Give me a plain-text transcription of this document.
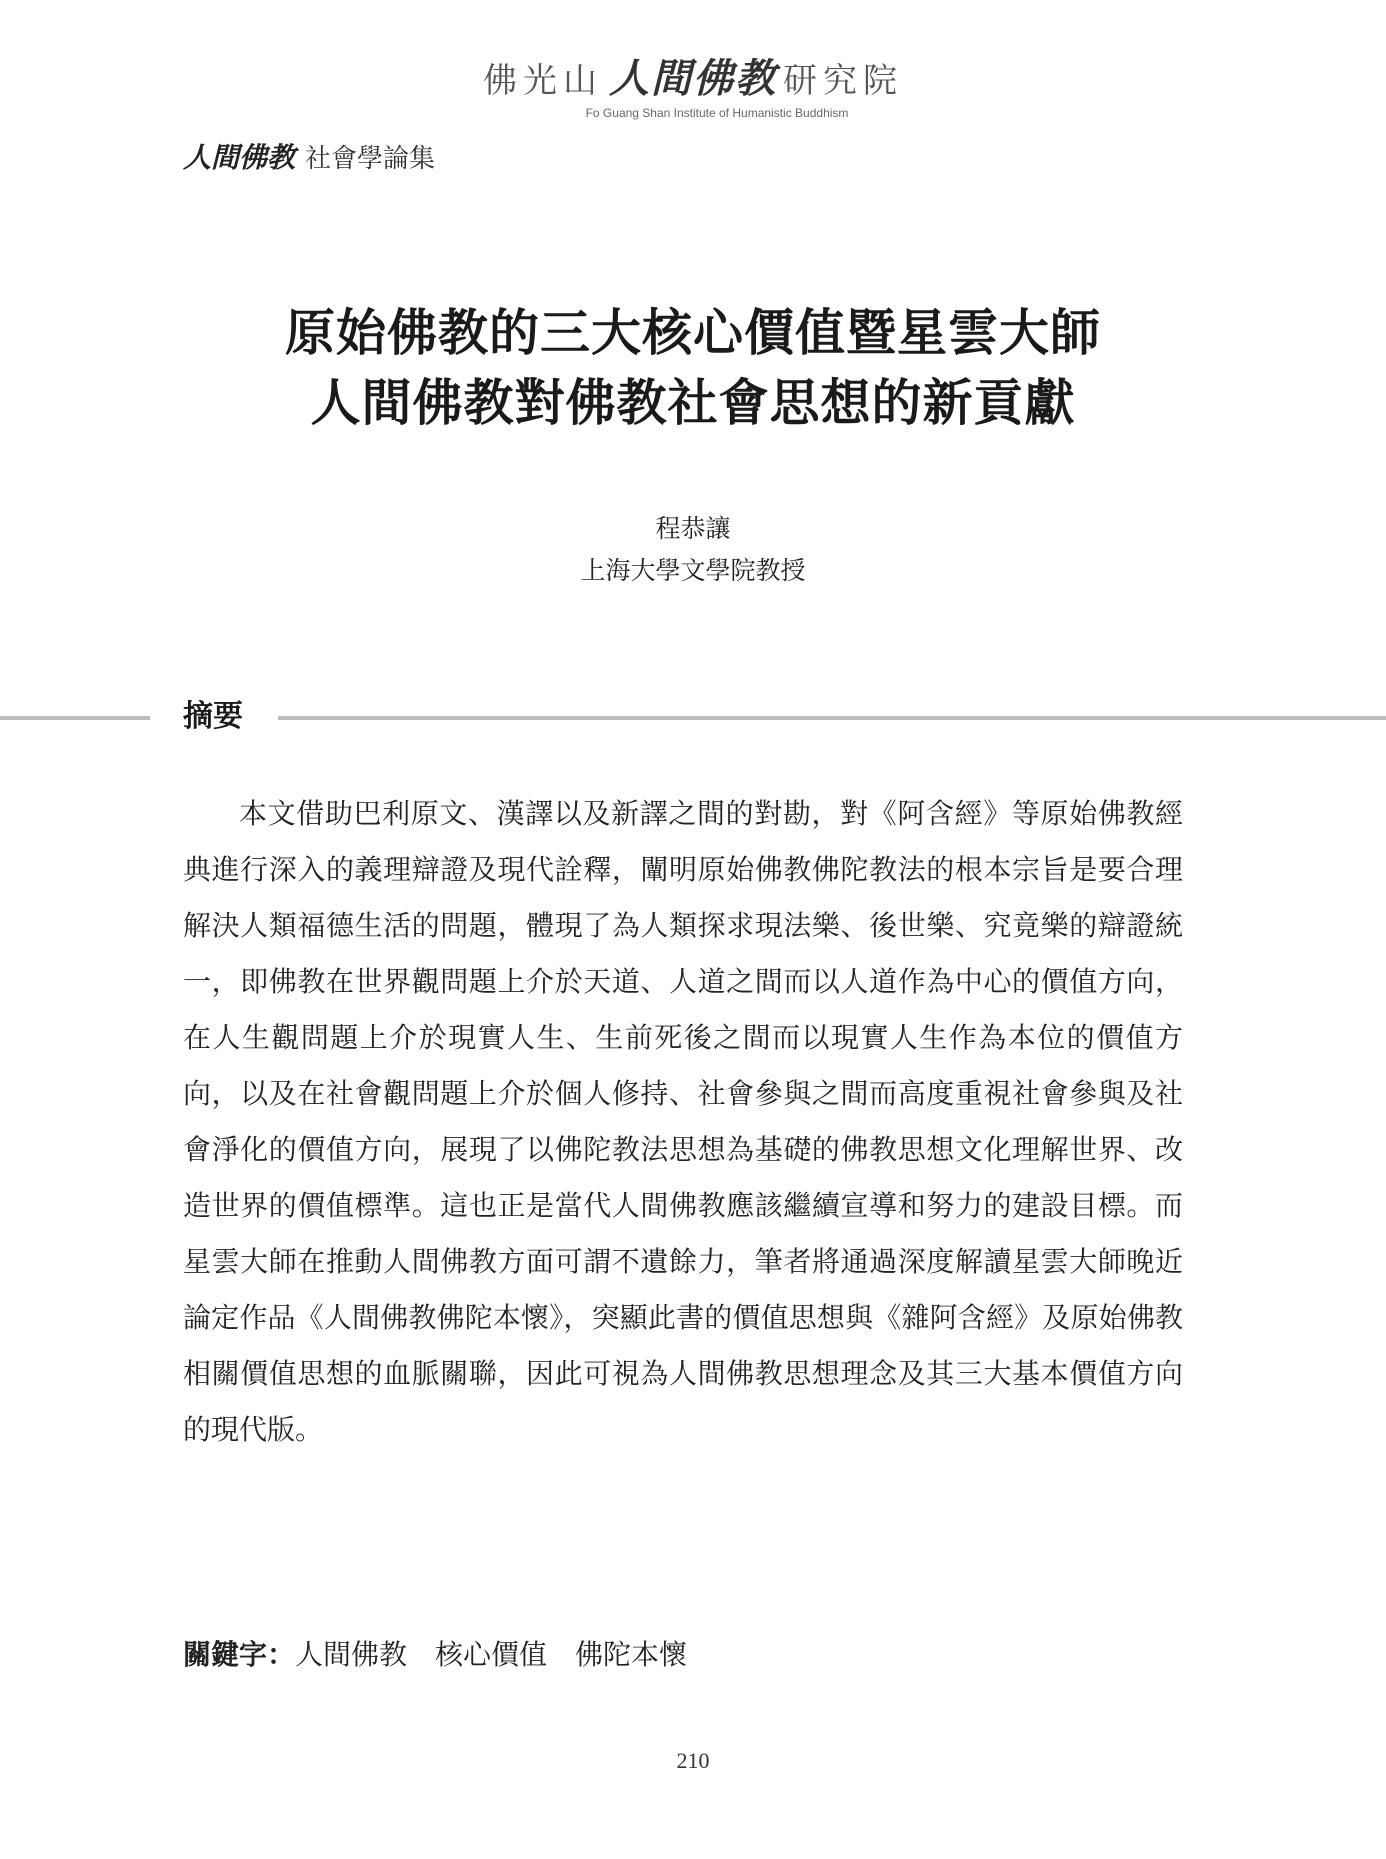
佛光山 人間佛教 研究院
Fo Guang Shan Institute of Humanistic Buddhism
人間佛教 社會學論集
原始佛教的三大核心價值暨星雲大師
人間佛教對佛教社會思想的新貢獻
程恭讓
上海大學文學院教授
摘要

本文借助巴利原文、漢譯以及新譯之間的對勘，對《阿含經》等原始佛教經典進行深入的義理辯證及現代詮釋，闡明原始佛教佛陀教法的根本宗旨是要合理解決人類福德生活的問題，體現了為人類探求現法樂、後世樂、究竟樂的辯證統一，即佛教在世界觀問題上介於天道、人道之間而以人道作為中心的價值方向，在人生觀問題上介於現實人生、生前死後之間而以現實人生作為本位的價值方向，以及在社會觀問題上介於個人修持、社會參與之間而高度重視社會參與及社會淨化的價值方向，展現了以佛陀教法思想為基礎的佛教思想文化理解世界、改造世界的價值標準。這也正是當代人間佛教應該繼續宣導和努力的建設目標。而星雲大師在推動人間佛教方面可謂不遺餘力，筆者將通過深度解讀星雲大師晚近論定作品《人間佛教佛陀本懷》，突顯此書的價值思想與《雜阿含經》及原始佛教相關價值思想的血脈關聯，因此可視為人間佛教思想理念及其三大基本價值方向的現代版。

關鍵字：人間佛教 核心價值 佛陀本懷
210
